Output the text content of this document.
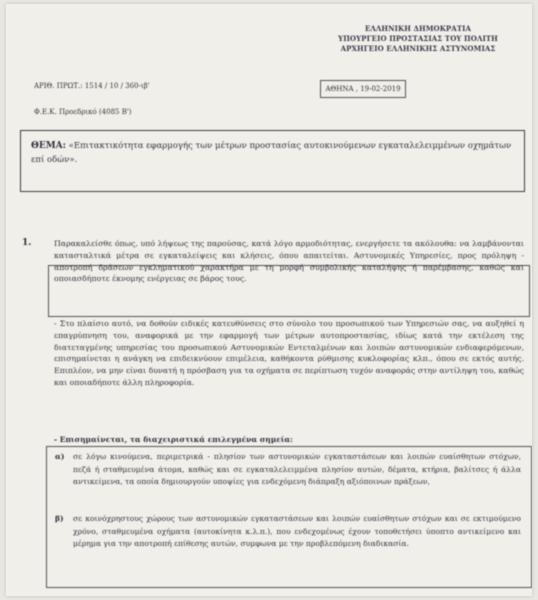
ΕΛΛΗΝΙΚΗ ΔΗΜΟΚΡΑΤΙΑ
ΥΠΟΥΡΓΕΙΟ ΠΡΟΣΤΑΣΙΑΣ ΤΟΥ ΠΟΛΙΤΗ
ΑΡΧΗΓΕΙΟ ΕΛΛΗΝΙΚΗΣ ΑΣΤΥΝΟΜΙΑΣ
ΑΘΗΝΑ , 19-02-2019
ΑΡΙΘ. ΠΡΩΤ.: 1514 / 10 / 360-ιβ'
Φ.Ε.Κ. Προεδρικό (4085 Β')
ΘΕΜΑ: «Επιτακτικότητα εφαρμογής των μέτρων προστασίας αυτοκινούμενων εγκαταλελειμμένων οχημάτων επί οδών».
1.	Παρακαλείσθε όπως, υπό λήψεως της παρούσας, κατά λόγο αρμοδιότητας, ενεργήσετε τα ακόλουθα: να λαμβάνονται κατασταλτικά μέτρα σε εγκαταλείψεις και κλήσεις, όπου απαιτείται. Αστυνομικές Υπηρεσίες, προς πρόληψη - αποτροπή δράσεων εγκληματικού χαρακτήρα με τη μορφή συμβολικής καταλήψης ή παρέμβασης, καθώς και οποιασδήποτε έκνομης ενέργειας σε βάρος τους.
- Στο πλαίσιο αυτό, να δοθούν ειδικές κατευθύνσεις στο σύνολο του προσωπικού των Υπηρεσιών σας, να αυξηθεί η επαγρύπνηση του, αναφορικά με την εφαρμογή των μέτρων αυτοπροστασίας, ιδίως κατά την εκτέλεση της διατεταγμένης υπηρεσίας του προσωπικού Αστυνομικών Εντεταλμένων και λοιπών αστυνομικών ενδιαφερόμενων, επισημαίνεται η ανάγκη να επιδεικνύουν επιμέλεια, καθήκοντα ρύθμισης κυκλοφορίας κλπ., όπου σε εκτός αυτής. Επιπλέον, να μην είναι δυνατή η πρόσβαση για τα οχήματα σε περίπτωση τυχόν αναφοράς στην αντίληψη του, καθώς και οποιαδήποτε άλλη πληροφορία.
- Επισημαίνεται, τα διαχειριστικά επιλεγμένα σημεία:
α) σε λόγω κινούμενα, περιμετρικά - πλησίον των αστυνομικών εγκαταστάσεων και λοιπών ευαίσθητων στόχων, πεζά ή σταθμευμένα άτομα, καθώς και σε εγκαταλελειμμένα πλησίον αυτών, δέματα, κτήρια, βαλίτσες ή άλλα αντικείμενα, τα οποία δημιουργούν υποψίες για ενδεχόμενη διάπραξη αξιόποινων πράξεων,
β) σε κοινόχρηστους χώρους των αστυνομικών εγκαταστάσεων και λοιπών ευαίσθητων στόχων και σε εκτιμούμενο χρόνο, σταθμευμένα οχήματα (αυτοκίνητα κ.λ.π.), που ενδεχομένως έχουν τοποθετήσει ύποπτο αντικείμενο και μέρημα για την αποτροπή επίθεσης αυτών, συμφωνα με την προβλεπόμενη διαδικασία.
